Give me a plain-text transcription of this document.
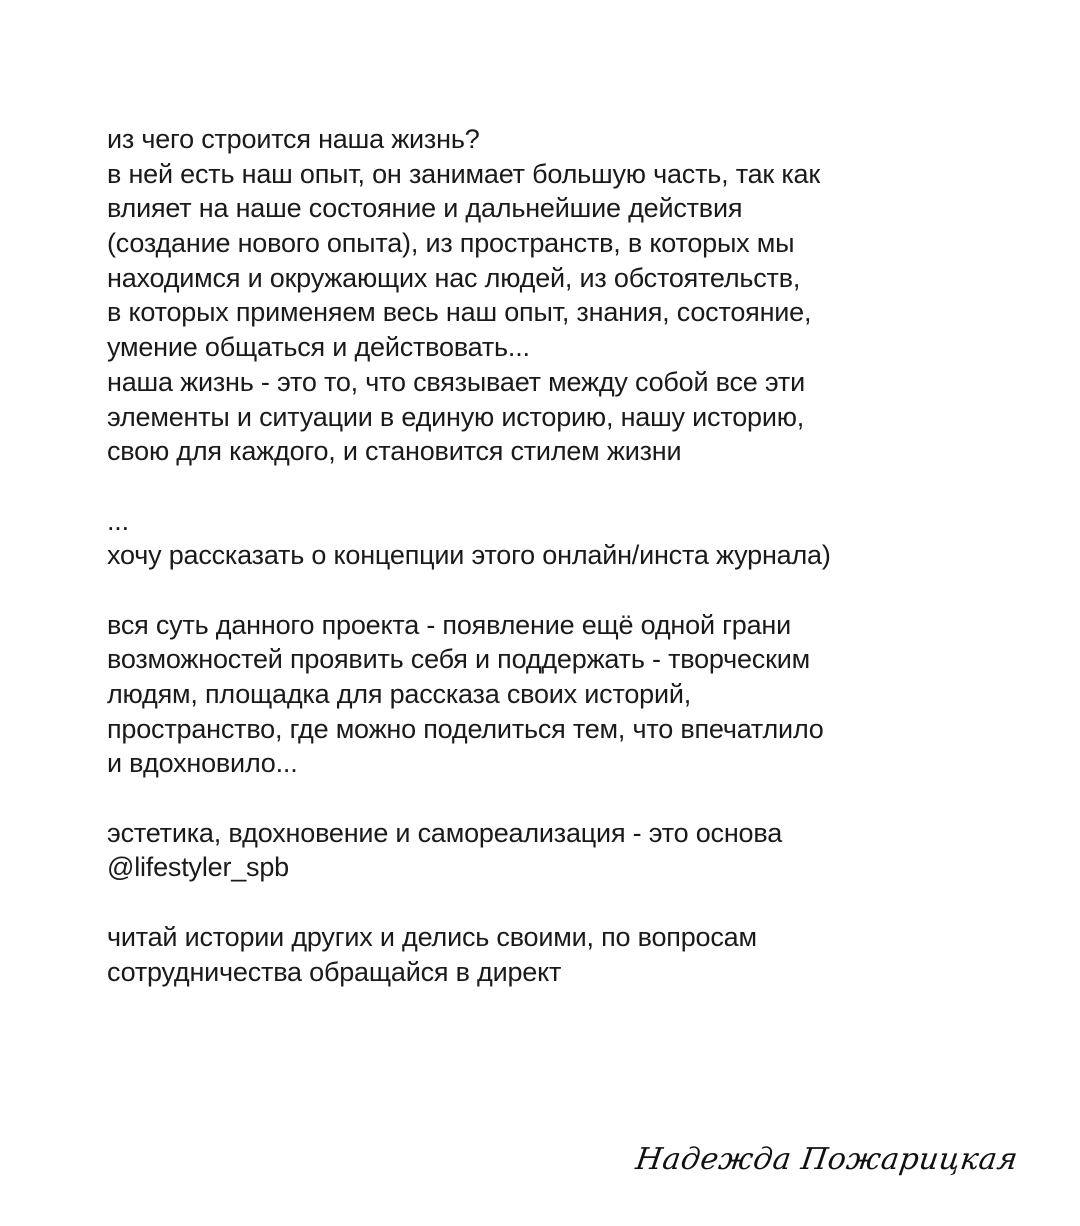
из чего строится наша жизнь?
в ней есть наш опыт, он занимает большую часть, так как
влияет на наше состояние и дальнейшие действия
(создание нового опыта), из пространств, в которых мы
находимся и окружающих нас людей, из обстоятельств,
в которых применяем весь наш опыт, знания, состояние,
умение общаться и действовать...
наша жизнь - это то, что связывает между собой все эти
элементы и ситуации в единую историю, нашу историю,
свою для каждого, и становится стилем жизни
...
хочу рассказать о концепции этого онлайн/инста журнала)
вся суть данного проекта - появление ещё одной грани
возможностей проявить себя и поддержать - творческим
людям, площадка для рассказа своих историй,
пространство, где можно поделиться тем, что впечатлило
и вдохновило...
эстетика, вдохновение и самореализация - это основа
@lifestyler_spb
читай истории других и делись своими, по вопросам
сотрудничества обращайся в директ
Надежда Пожарицкая
